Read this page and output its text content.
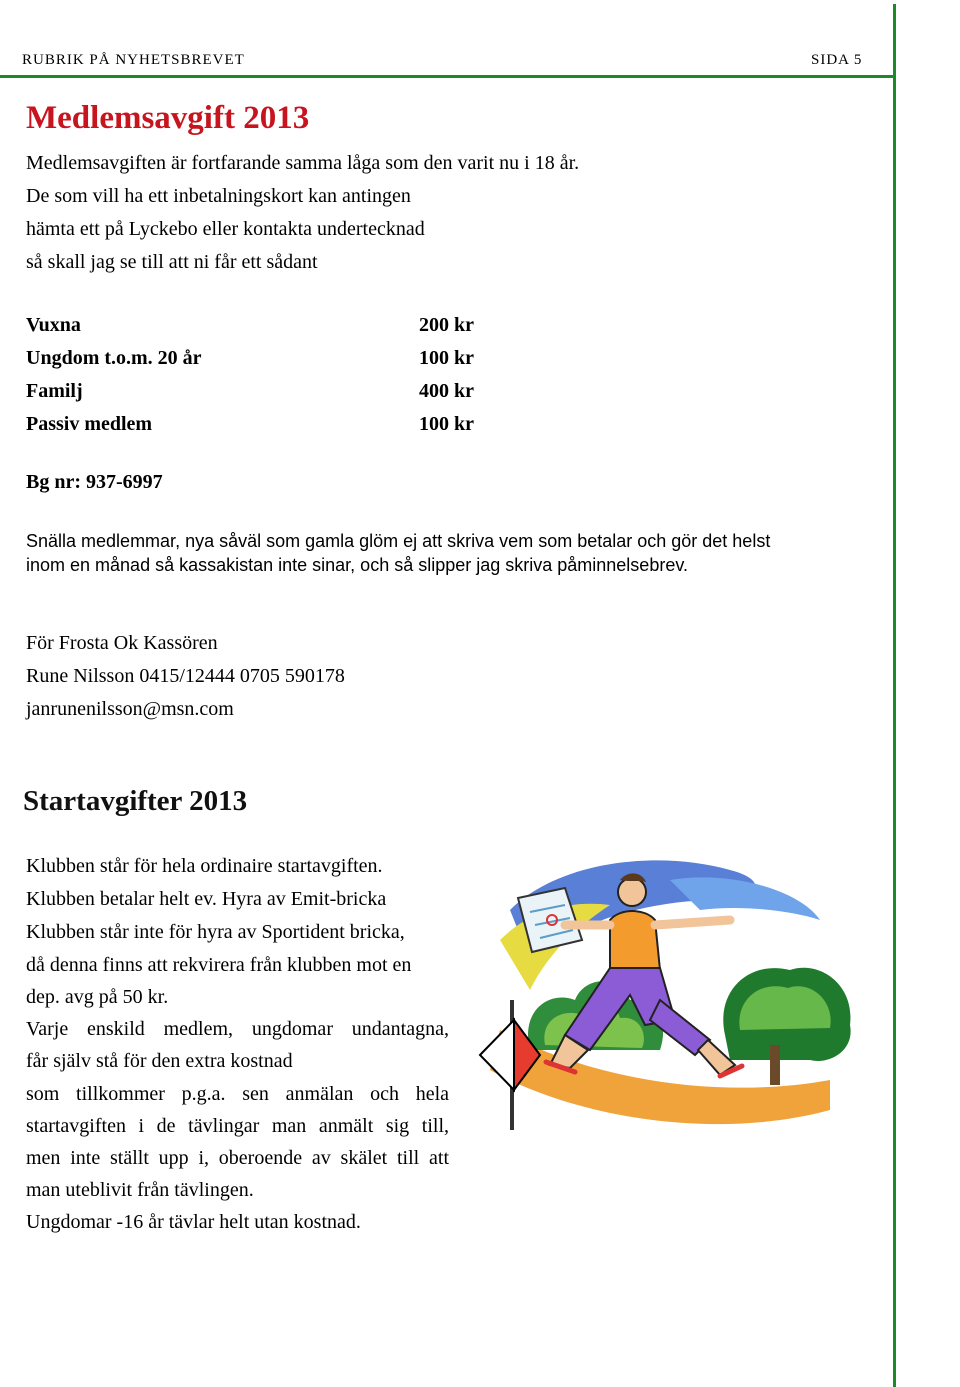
RUBRIK PÅ NYHETSBREVET	SIDA 5
Medlemsavgift 2013
Medlemsavgiften är fortfarande samma låga som den varit nu i 18 år.
De som vill ha ett inbetalningskort kan antingen
hämta ett på Lyckebo eller kontakta undertecknad
så skall jag se till att ni får ett sådant
Vuxna	200 kr
Ungdom t.o.m. 20 år	100 kr
Familj	400 kr
Passiv medlem	100 kr
Bg nr: 937-6997
Snälla medlemmar, nya såväl som gamla glöm ej att skriva vem som betalar och gör det helst
inom en månad så kassakistan inte sinar, och så slipper jag skriva påminnelsebrev.
För Frosta Ok Kassören
Rune Nilsson 0415/12444 0705 590178
janrunenilsson@msn.com
Startavgifter 2013
Klubben står för hela ordinaire startavgiften.
Klubben betalar helt ev. Hyra av Emit-bricka
Klubben står inte för hyra av Sportident bricka,
då denna finns att rekvirera från klubben mot en
dep. avg på 50 kr.
Varje enskild medlem, ungdomar undantagna,
får själv stå för den extra kostnad
som tillkommer p.g.a. sen anmälan och hela
startavgiften i de tävlingar man anmält sig till,
men inte ställt upp i, oberoende av skälet till att
man uteblivit från tävlingen.
Ungdomar -16 år tävlar helt utan kostnad.
